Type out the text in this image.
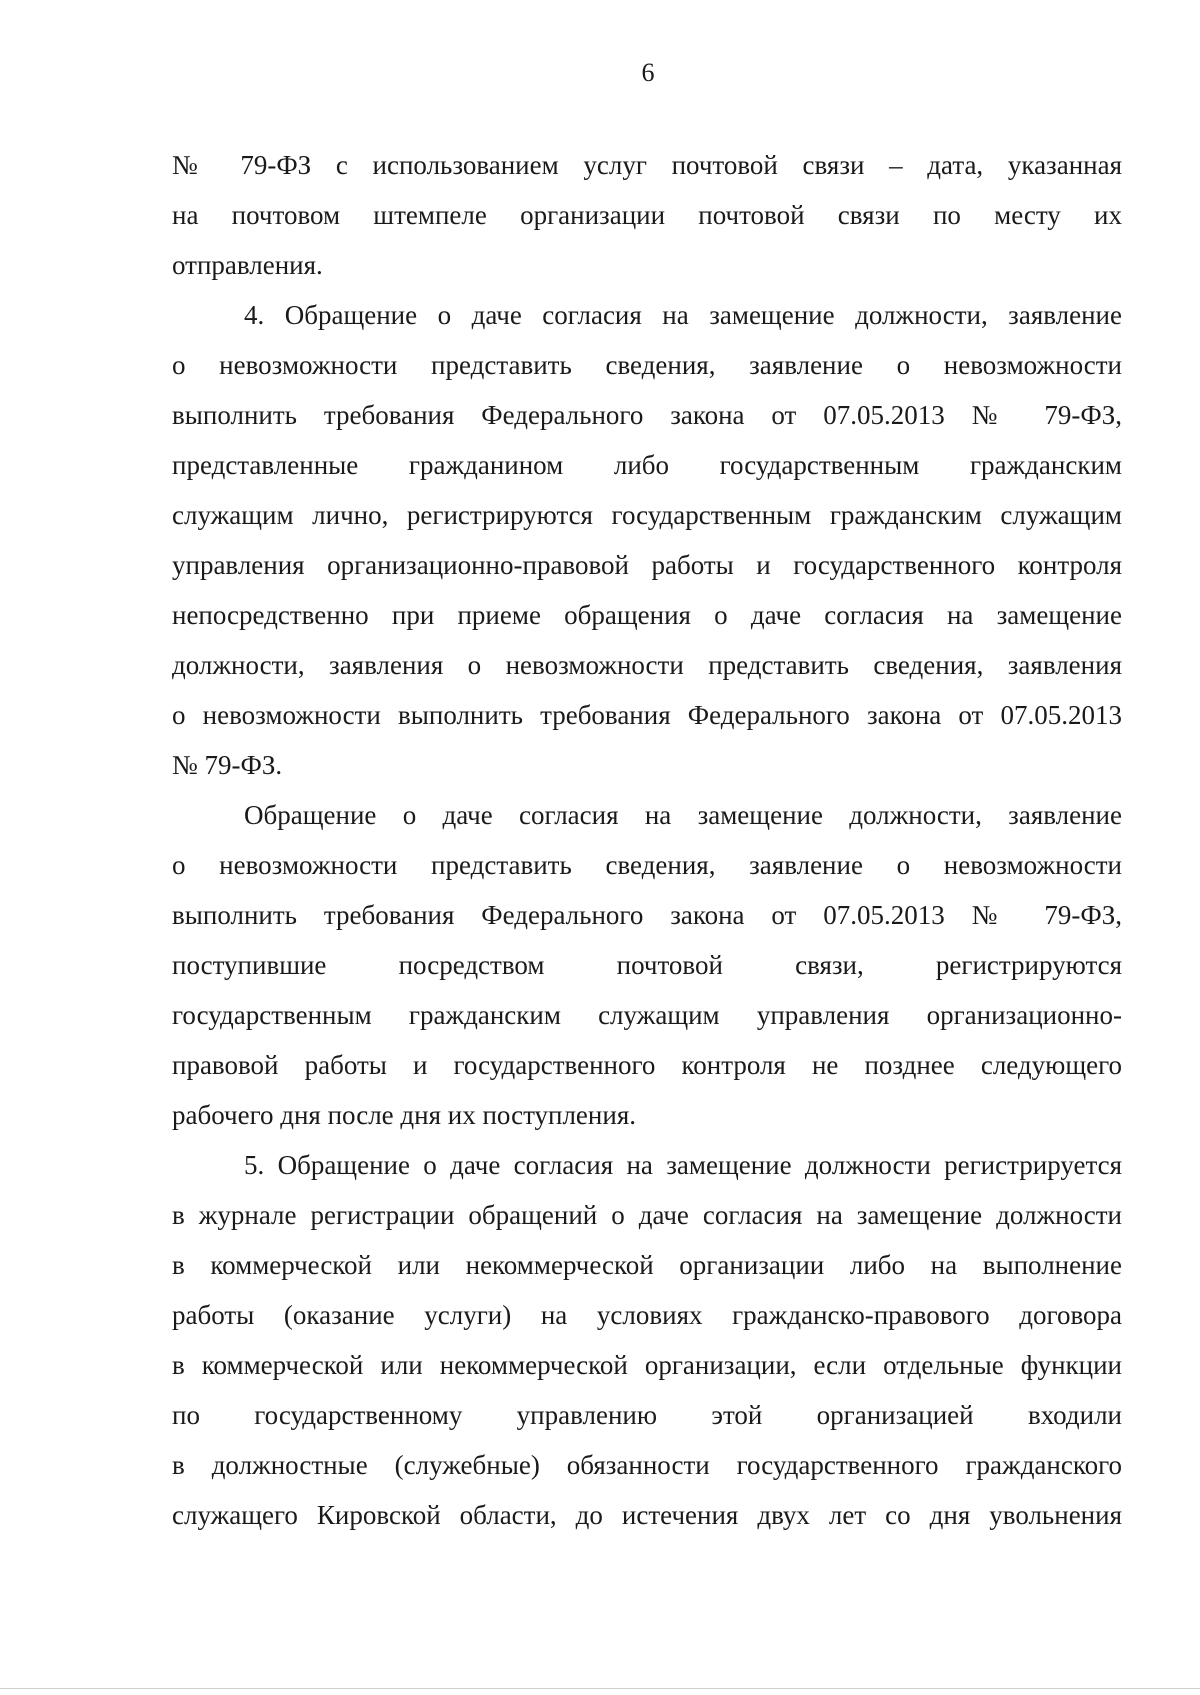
6
№ 79-ФЗ с использованием услуг почтовой связи – дата, указанная
на почтовом штемпеле организации почтовой связи по месту их
отправления.
4. Обращение о даче согласия на замещение должности, заявление
о невозможности представить сведения, заявление о невозможности
выполнить требования Федерального закона от 07.05.2013 № 79-ФЗ,
представленные гражданином либо государственным гражданским
служащим лично, регистрируются государственным гражданским служащим
управления организационно-правовой работы и государственного контроля
непосредственно при приеме обращения о даче согласия на замещение
должности, заявления о невозможности представить сведения, заявления
о невозможности выполнить требования Федерального закона от 07.05.2013
№ 79-ФЗ.
Обращение о даче согласия на замещение должности, заявление
о невозможности представить сведения, заявление о невозможности
выполнить требования Федерального закона от 07.05.2013 № 79-ФЗ,
поступившие посредством почтовой связи, регистрируются
государственным гражданским служащим управления организационно-
правовой работы и государственного контроля не позднее следующего
рабочего дня после дня их поступления.
5. Обращение о даче согласия на замещение должности регистрируется
в журнале регистрации обращений о даче согласия на замещение должности
в коммерческой или некоммерческой организации либо на выполнение
работы (оказание услуги) на условиях гражданско-правового договора
в коммерческой или некоммерческой организации, если отдельные функции
по государственному управлению этой организацией входили
в должностные (служебные) обязанности государственного гражданского
служащего Кировской области, до истечения двух лет со дня увольнения
